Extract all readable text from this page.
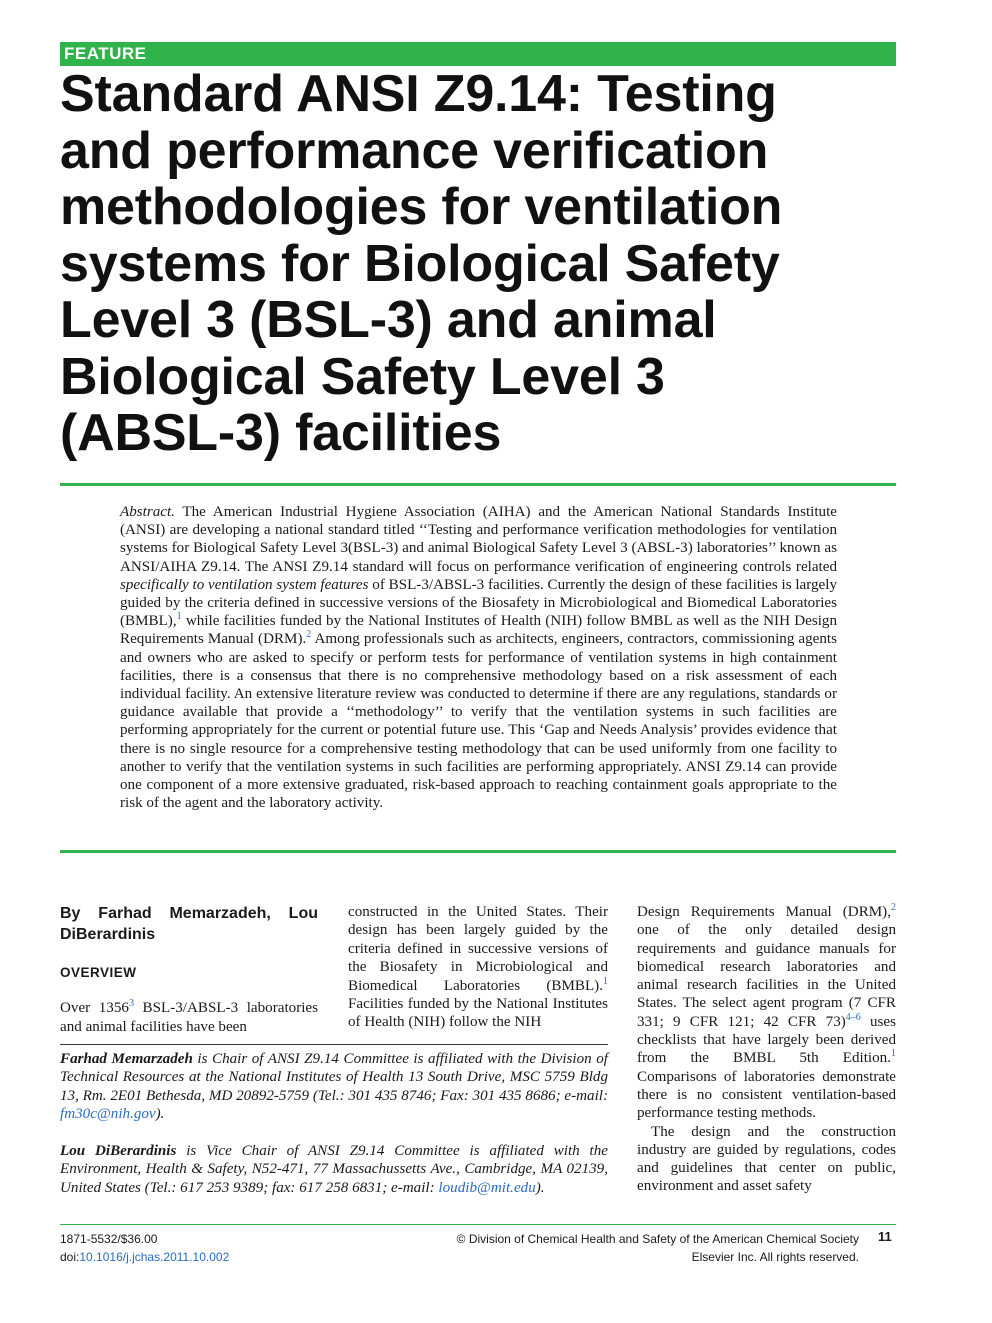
FEATURE
Standard ANSI Z9.14: Testing
and performance verification
methodologies for ventilation
systems for Biological Safety
Level 3 (BSL-3) and animal
Biological Safety Level 3
(ABSL-3) facilities

Abstract. The American Industrial Hygiene Association (AIHA) and the American National Standards Institute (ANSI) are developing a national standard titled ‘‘Testing and performance verification methodologies for ventilation systems for Biological Safety Level 3(BSL-3) and animal Biological Safety Level 3 (ABSL-3) laboratories’’ known as ANSI/AIHA Z9.14. The ANSI Z9.14 standard will focus on performance verification of engineering controls related specifically to ventilation system features of BSL-3/ABSL-3 facilities. Currently the design of these facilities is largely guided by the criteria defined in successive versions of the Biosafety in Microbiological and Biomedical Laboratories (BMBL),$^1$ while facilities funded by the National Institutes of Health (NIH) follow BMBL as well as the NIH Design Requirements Manual (DRM).$^2$ Among professionals such as architects, engineers, contractors, commissioning agents and owners who are asked to specify or perform tests for performance of ventilation systems in high containment facilities, there is a consensus that there is no comprehensive methodology based on a risk assessment of each individual facility. An extensive literature review was conducted to determine if there are any regulations, standards or guidance available that provide a ‘‘methodology’’ to verify that the ventilation systems in such facilities are performing appropriately for the current or potential future use. This ‘Gap and Needs Analysis’ provides evidence that there is no single resource for a comprehensive testing methodology that can be used uniformly from one facility to another to verify that the ventilation systems in such facilities are performing appropriately. ANSI Z9.14 can provide one component of a more extensive graduated, risk-based approach to reaching containment goals appropriate to the risk of the agent and the laboratory activity.

By Farhad Memarzadeh, Lou DiBerardinis

OVERVIEW

Over 1356$^3$ BSL-3/ABSL-3 laboratories and animal facilities have been

constructed in the United States. Their design has been largely guided by the criteria defined in successive versions of the Biosafety in Microbiological and Biomedical Laboratories (BMBL).$^1$ Facilities funded by the National Institutes of Health (NIH) follow the NIH

Farhad Memarzadeh is Chair of ANSI Z9.14 Committee is affiliated with the Division of Technical Resources at the National Institutes of Health 13 South Drive, MSC 5759 Bldg 13, Rm. 2E01 Bethesda, MD 20892-5759 (Tel.: 301 435 8746; Fax: 301 435 8686; e-mail: fm30c@nih.gov).

Lou DiBerardinis is Vice Chair of ANSI Z9.14 Committee is affiliated with the Environment, Health & Safety, N52-471, 77 Massachussetts Ave., Cambridge, MA 02139, United States (Tel.: 617 253 9389; fax: 617 258 6831; e-mail: loudib@mit.edu).

Design Requirements Manual (DRM),$^2$ one of the only detailed design requirements and guidance manuals for biomedical research laboratories and animal research facilities in the United States. The select agent program (7 CFR 331; 9 CFR 121; 42 CFR 73)$^{4-6}$ uses checklists that have largely been derived from the BMBL 5th Edition.$^1$ Comparisons of laboratories demonstrate there is no consistent ventilation-based performance testing methods.
The design and the construction industry are guided by regulations, codes and guidelines that center on public, environment and asset safety

1871-5532/$36.00
doi:10.1016/j.jchas.2011.10.002
© Division of Chemical Health and Safety of the American Chemical Society
Elsevier Inc. All rights reserved.
11
